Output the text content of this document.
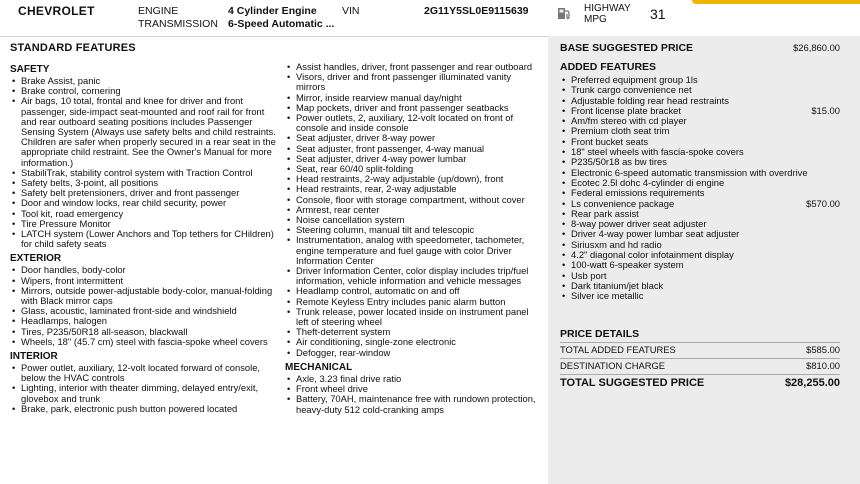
CHEVROLET	ENGINE	4 Cylinder Engine VIN	2G11Y5SL0E9115639
TRANSMISSION 6-Speed Automatic ...
HIGHWAY
MPG	31
STANDARD FEATURES
SAFETY
• Brake Assist, panic
• Brake control, cornering
• Air bags, 10 total, frontal and knee for driver and front passenger, side-impact seat-mounted and roof rail for front and rear outboard seating positions includes Passenger Sensing System (Always use safety belts and child restraints. Children are safer when properly secured in a rear seat in the appropriate child restraint. See the Owner's Manual for more information.)
• StabiliTrak, stability control system with Traction Control
• Safety belts, 3-point, all positions
• Safety belt pretensioners, driver and front passenger
• Door and window locks, rear child security, power
• Tool kit, road emergency
• Tire Pressure Monitor
• LATCH system (Lower Anchors and Top tethers for CHildren) for child safety seats
EXTERIOR
• Door handles, body-color
• Wipers, front intermittent
• Mirrors, outside power-adjustable body-color, manual-folding with Black mirror caps
• Glass, acoustic, laminated front-side and windshield
• Headlamps, halogen
• Tires, P235/50R18 all-season, blackwall
• Wheels, 18" (45.7 cm) steel with fascia-spoke wheel covers
INTERIOR
• Power outlet, auxiliary, 12-volt located forward of console, below the HVAC controls
• Lighting, interior with theater dimming, delayed entry/exit, glovebox and trunk
• Brake, park, electronic push button powered located
• Assist handles, driver, front passenger and rear outboard
• Visors, driver and front passenger illuminated vanity mirrors
• Mirror, inside rearview manual day/night
• Map pockets, driver and front passenger seatbacks
• Power outlets, 2, auxiliary, 12-volt located on front of console and inside console
• Seat adjuster, driver 8-way power
• Seat adjuster, front passenger, 4-way manual
• Seat adjuster, driver 4-way power lumbar
• Seat, rear 60/40 split-folding
• Head restraints, 2-way adjustable (up/down), front
• Head restraints, rear, 2-way adjustable
• Console, floor with storage compartment, without cover
• Armrest, rear center
• Noise cancellation system
• Steering column, manual tilt and telescopic
• Instrumentation, analog with speedometer, tachometer, engine temperature and fuel gauge with color Driver Information Center
• Driver Information Center, color display includes trip/fuel information, vehicle information and vehicle messages
• Headlamp control, automatic on and off
• Remote Keyless Entry includes panic alarm button
• Trunk release, power located inside on instrument panel left of steering wheel
• Theft-deterrent system
• Air conditioning, single-zone electronic
• Defogger, rear-window
MECHANICAL
• Axle, 3.23 final drive ratio
• Front wheel drive
• Battery, 70AH, maintenance free with rundown protection, heavy-duty 512 cold-cranking amps
BASE SUGGESTED PRICE	$26,860.00
ADDED FEATURES
• Preferred equipment group 1ls
• Trunk cargo convenience net
• Adjustable folding rear head restraints
• Front license plate bracket	$15.00
• Am/fm stereo with cd player
• Premium cloth seat trim
• Front bucket seats
• 18" steel wheels with fascia-spoke covers
• P235/50r18 as bw tires
• Electronic 6-speed automatic transmission with overdrive
• Ecotec 2.5l dohc 4-cylinder di engine
• Federal emissions requirements
• Ls convenience package	$570.00
• Rear park assist
• 8-way power driver seat adjuster
• Driver 4-way power lumbar seat adjuster
• Siriusxm and hd radio
• 4.2" diagonal color infotainment display
• 100-watt 6-speaker system
• Usb port
• Dark titanium/jet black
• Silver ice metallic
PRICE DETAILS
TOTAL ADDED FEATURES	$585.00
DESTINATION CHARGE	$810.00
TOTAL SUGGESTED PRICE	$28,255.00
